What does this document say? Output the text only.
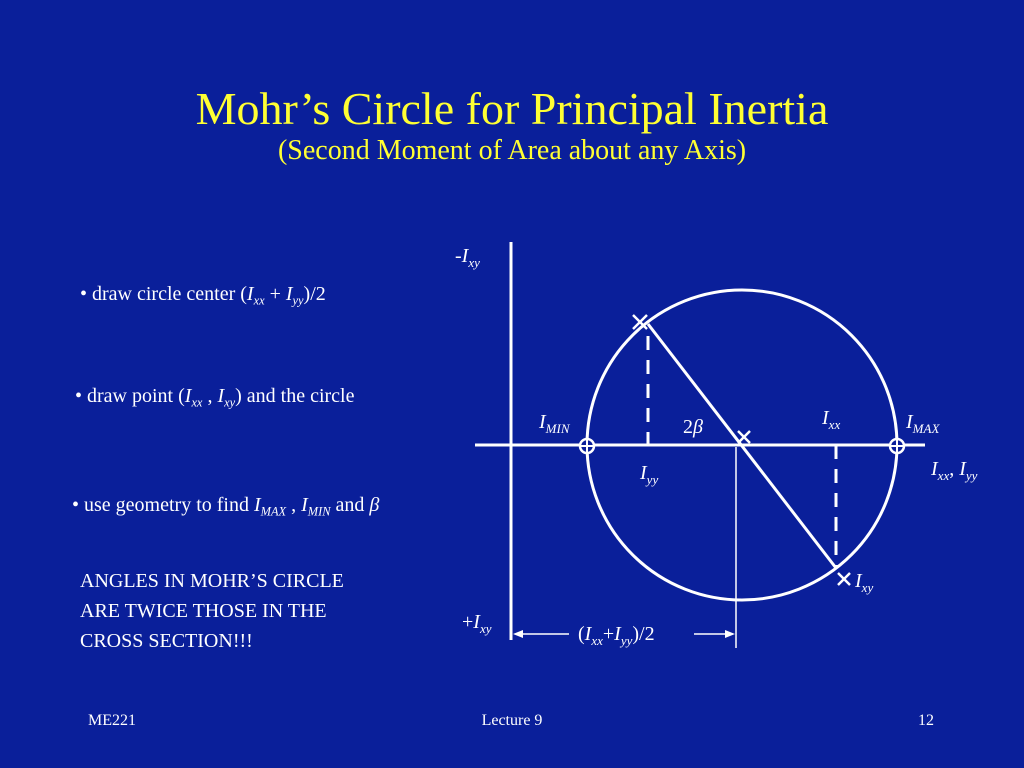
Mohr’s Circle for Principal Inertia
(Second Moment of Area about any Axis)
• draw circle center $(I_{xx} + I_{yy})/2$
• draw point ($I_{xx}$ , $I_{xy}$) and the circle
• use geometry to find $I_{MAX}$ , $I_{MIN}$ and β
ANGLES IN MOHR’S CIRCLE
ARE TWICE THOSE IN THE
CROSS SECTION!!!
$-I_{xy}$
$+I_{xy}$
$I_{xx}$, $I_{yy}$
$I_{MIN}$	$I_{MAX}$
$I_{xx}$
$I_{yy}$
$I_{xy}$
2β
$(I_{xx}+I_{yy})/2$
ME221	Lecture 9	12
